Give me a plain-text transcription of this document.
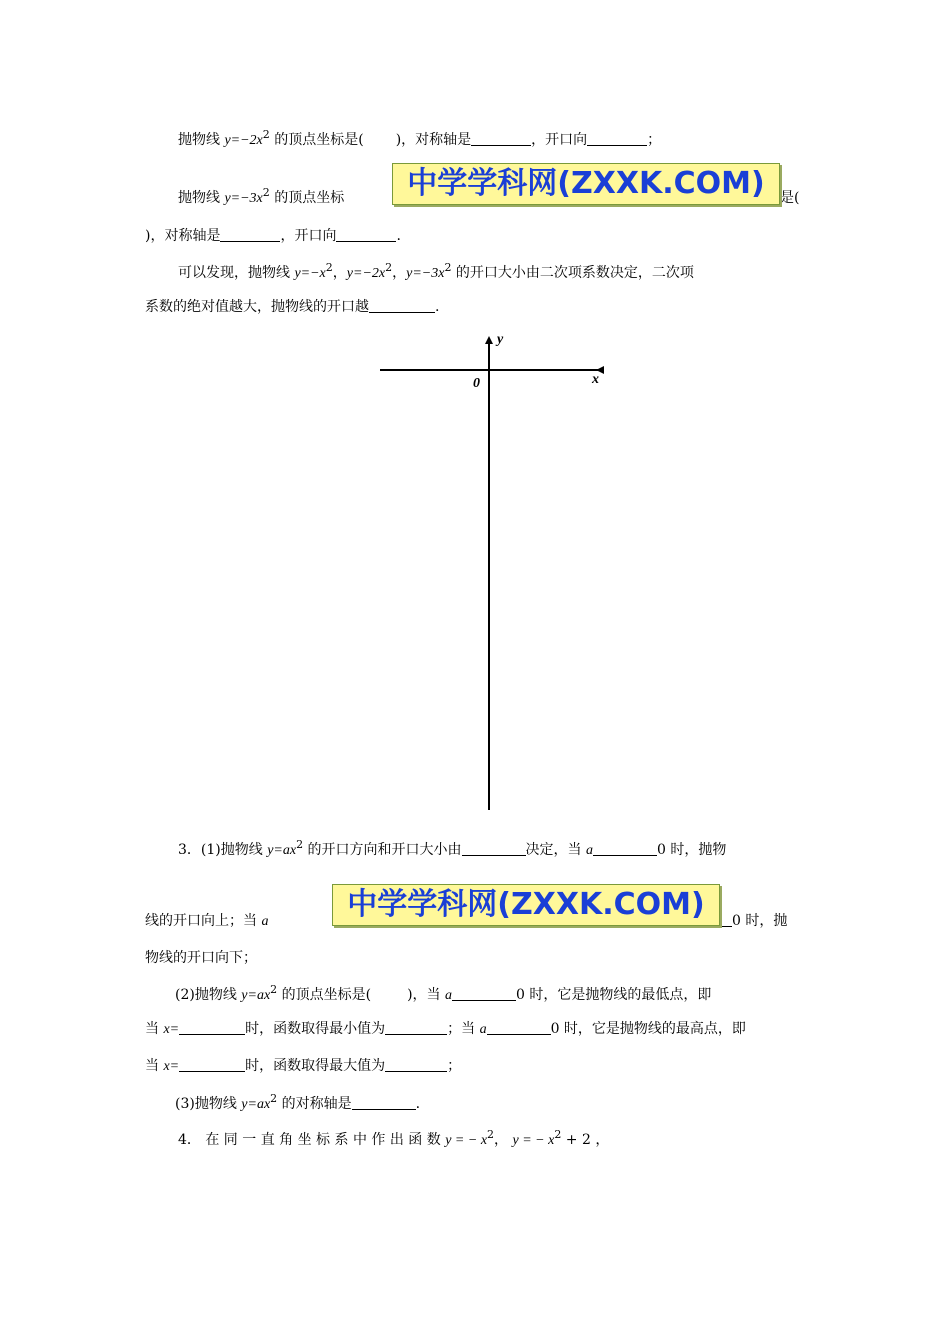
抛物线 $y=-2x^2$ 的顶点坐标是( )，对称轴是	，开口向	；
抛物线 $y=-3x^2$ 的顶点坐标	是(
中学学科网(ZXXK.COM)
)，对称轴是	，开口向	.
可以发现，抛物线 $y=-x^2$，$y=-2x^2$，$y=-3x^2$ 的开口大小由二次项系数决定，二次项
系数的绝对值越大，抛物线的开口越	.
y
x
0
3．(1)抛物线 $y=ax^2$ 的开口方向和开口大小由	决定，当 a	0 时，抛物
线的开口向上；当 a	0 时，抛
中学学科网(ZXXK.COM)
物线的开口向下；
(2)抛物线 $y=ax^2$ 的顶点坐标是(	)，当 a	0 时，它是抛物线的最低点，即
当 x=	时，函数取得最小值为	；当 a	0 时，它是抛物线的最高点，即
当 x=	时，函数取得最大值为	；
(3)抛物线 $y=ax^2$ 的对称轴是	.
4． 在 同 一 直 角 坐 标 系 中 作 出 函 数 y = − $x^2$， y = − $x^2 + 2$ ，
